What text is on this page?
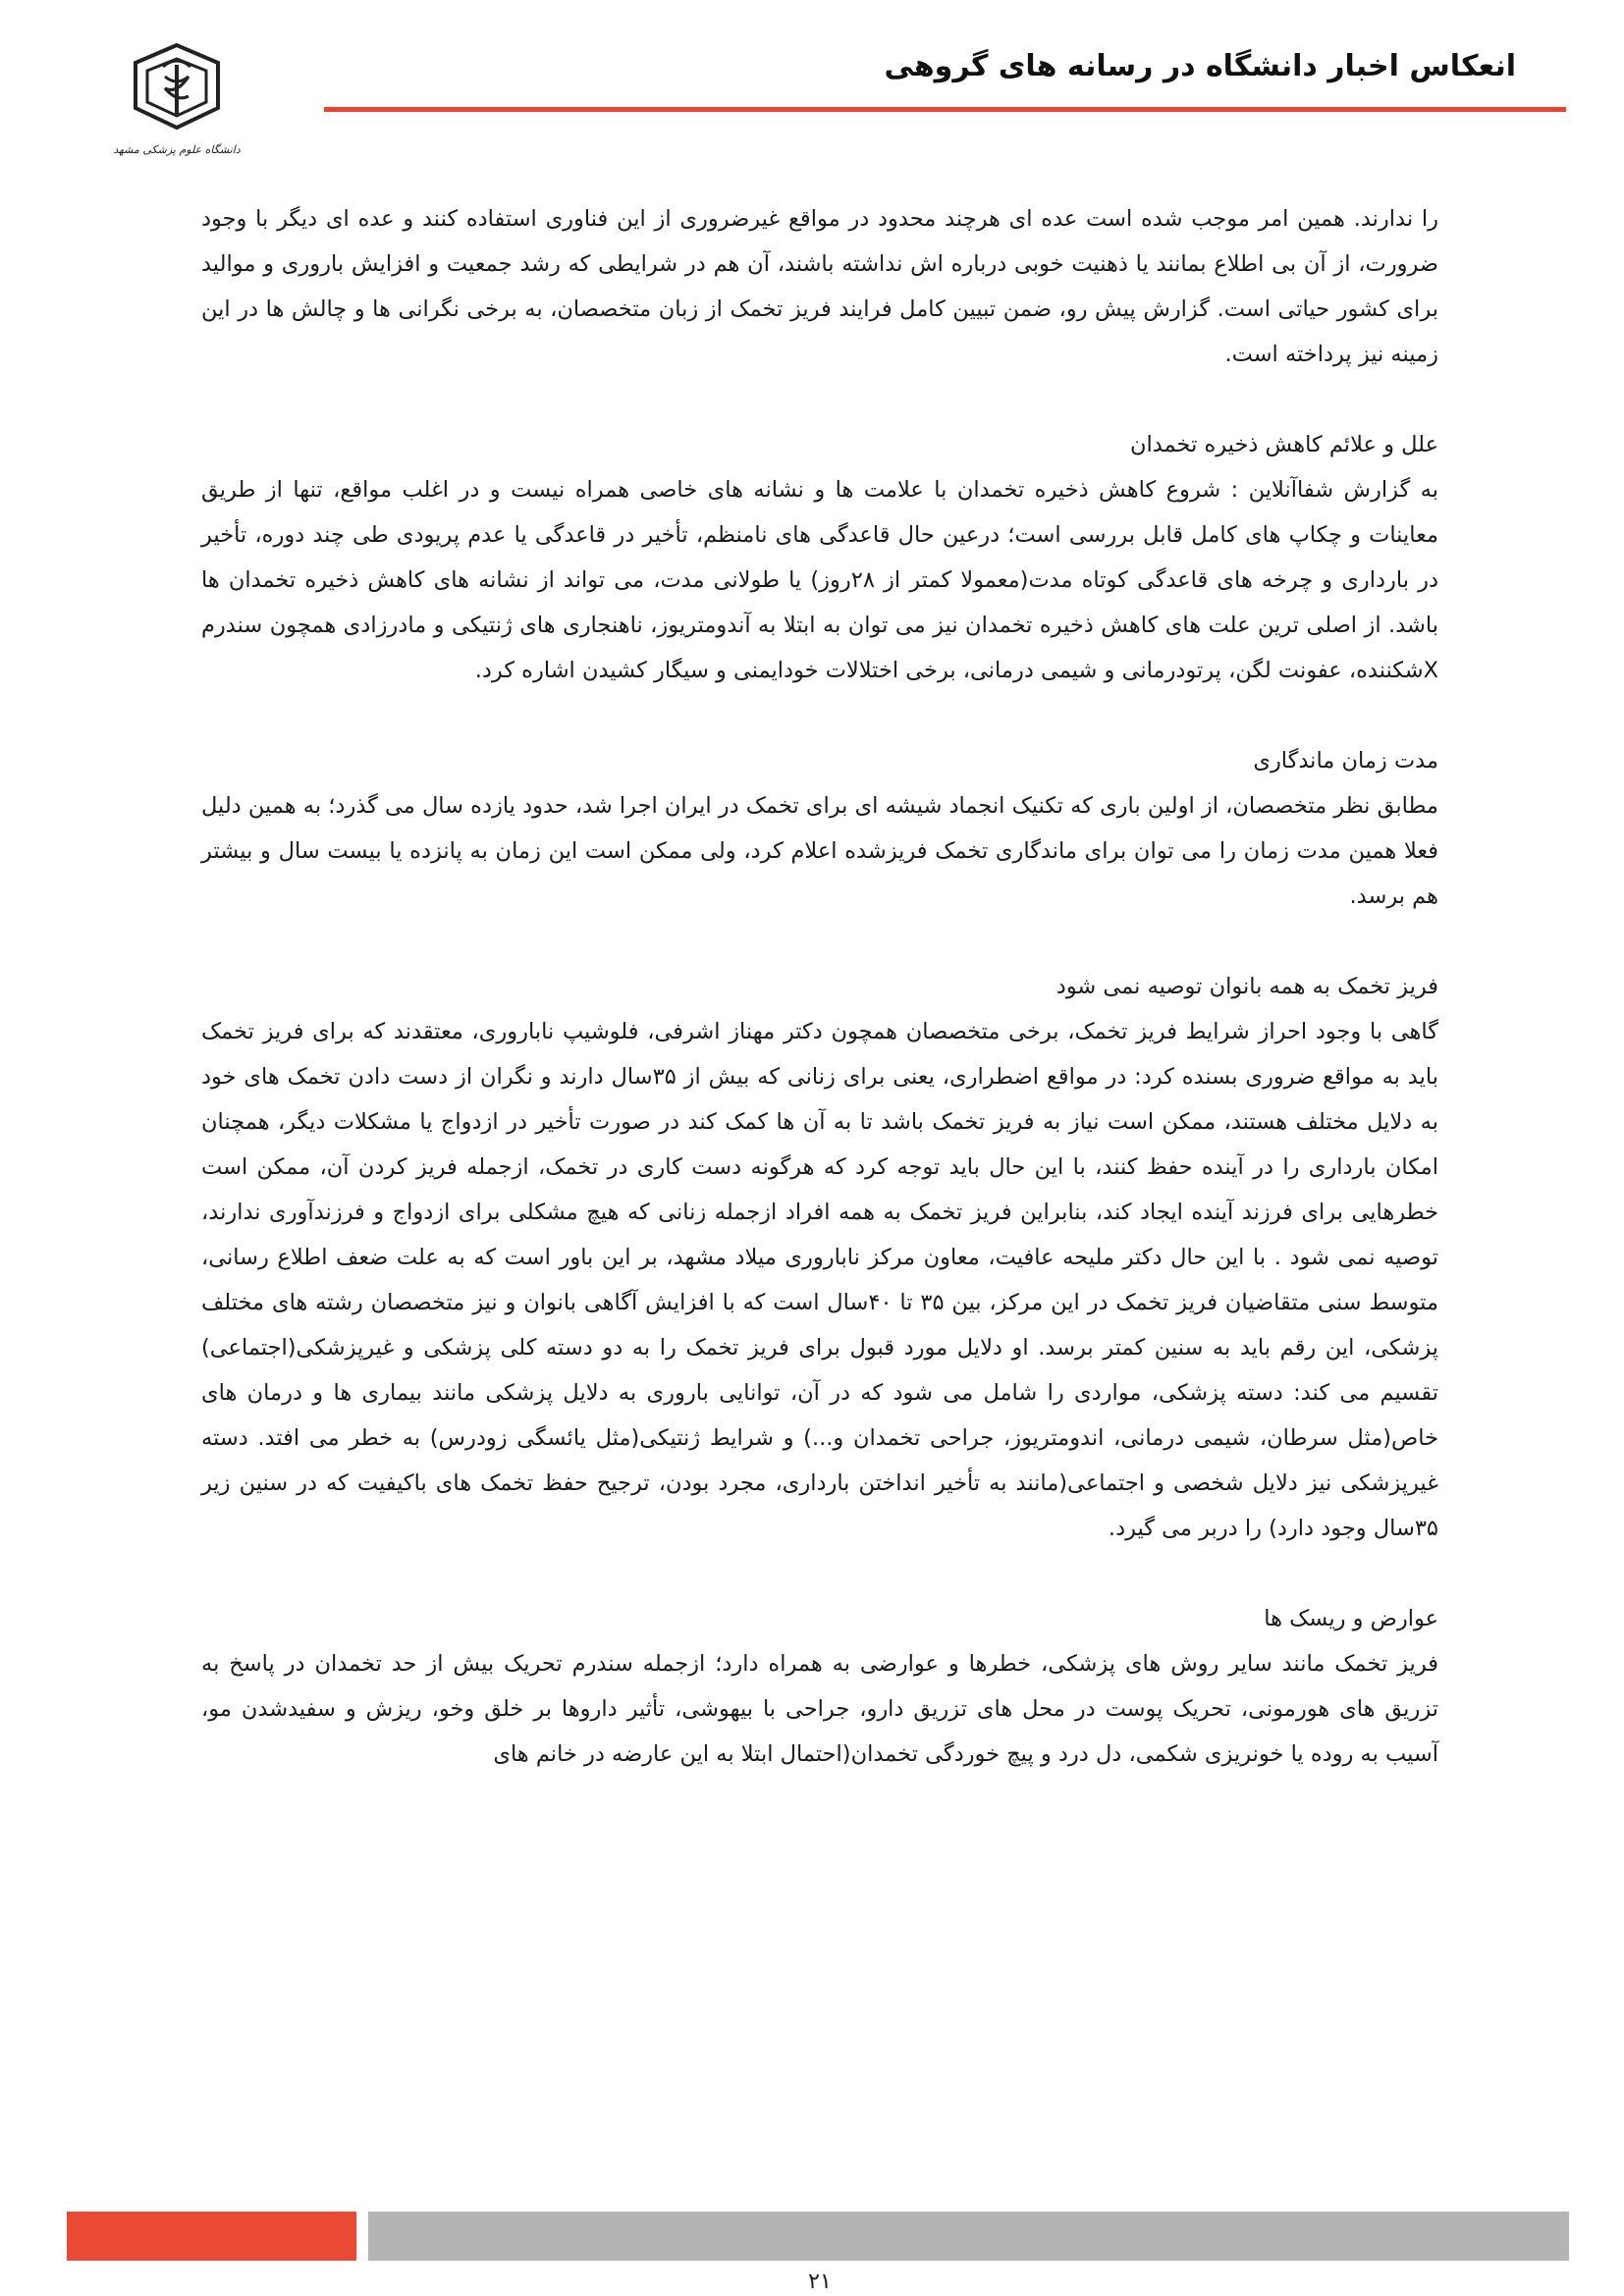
دانشگاه علوم پزشکی مشهد
انعکاس اخبار دانشگاه در رسانه های گروهی

را ندارند. همین امر موجب شده است عده ای هرچند محدود در مواقع غیرضروری از این فناوری استفاده کنند و عده ای دیگر با وجود ضرورت، از آن بی اطلاع بمانند یا ذهنیت خوبی درباره اش نداشته باشند، آن هم در شرایطی که رشد جمعیت و افزایش باروری و موالید برای کشور حیاتی است. گزارش پیش رو، ضمن تبیین کامل فرایند فریز تخمک از زبان متخصصان، به برخی نگرانی ها و چالش ها در این زمینه نیز پرداخته است.

علل و علائم کاهش ذخیره تخمدان
به گزارش شفاآنلاین : شروع کاهش ذخیره تخمدان با علامت ها و نشانه های خاصی همراه نیست و در اغلب مواقع، تنها از طریق معاینات و چکاپ های کامل قابل بررسی است؛ درعین حال قاعدگی های نامنظم، تأخیر در قاعدگی یا عدم پریودی طی چند دوره، تأخیر در بارداری و چرخه های قاعدگی کوتاه مدت(معمولا کمتر از ۲۸روز) یا طولانی مدت، می تواند از نشانه های کاهش ذخیره تخمدان ها باشد. از اصلی ترین علت های کاهش ذخیره تخمدان نیز می توان به ابتلا به آندومتریوز، ناهنجاری های ژنتیکی و مادرزادی همچون سندرم Xشکننده، عفونت لگن، پرتودرمانی و شیمی درمانی، برخی اختلالات خودایمنی و سیگار کشیدن اشاره کرد.

مدت زمان ماندگاری
مطابق نظر متخصصان، از اولین باری که تکنیک انجماد شیشه ای برای تخمک در ایران اجرا شد، حدود یازده سال می گذرد؛ به همین دلیل فعلا همین مدت زمان را می توان برای ماندگاری تخمک فریزشده اعلام کرد، ولی ممکن است این زمان به پانزده یا بیست سال و بیشتر هم برسد.

فریز تخمک به همه بانوان توصیه نمی شود
گاهی با وجود احراز شرایط فریز تخمک، برخی متخصصان همچون دکتر مهناز اشرفی، فلوشیپ ناباروری، معتقدند که برای فریز تخمک باید به مواقع ضروری بسنده کرد: در مواقع اضطراری، یعنی برای زنانی که بیش از ۳۵سال دارند و نگران از دست دادن تخمک های خود به دلایل مختلف هستند، ممکن است نیاز به فریز تخمک باشد تا به آن ها کمک کند در صورت تأخیر در ازدواج یا مشکلات دیگر، همچنان امکان بارداری را در آینده حفظ کنند، با این حال باید توجه کرد که هرگونه دست کاری در تخمک، ازجمله فریز کردن آن، ممکن است خطرهایی برای فرزند آینده ایجاد کند، بنابراین فریز تخمک به همه افراد ازجمله زنانی که هیچ مشکلی برای ازدواج و فرزندآوری ندارند، توصیه نمی شود . با این حال دکتر ملیحه عافیت، معاون مرکز ناباروری میلاد مشهد، بر این باور است که به علت ضعف اطلاع رسانی، متوسط سنی متقاضیان فریز تخمک در این مرکز، بین ۳۵ تا ۴۰سال است که با افزایش آگاهی بانوان و نیز متخصصان رشته های مختلف پزشکی، این رقم باید به سنین کمتر برسد. او دلایل مورد قبول برای فریز تخمک را به دو دسته کلی پزشکی و غیرپزشکی(اجتماعی) تقسیم می کند: دسته پزشکی، مواردی را شامل می شود که در آن، توانایی باروری به دلایل پزشکی مانند بیماری ها و درمان های خاص(مثل سرطان، شیمی درمانی، اندومتریوز، جراحی تخمدان و...) و شرایط ژنتیکی(مثل یائسگی زودرس) به خطر می افتد. دسته غیرپزشکی نیز دلایل شخصی و اجتماعی(مانند به تأخیر انداختن بارداری، مجرد بودن، ترجیح حفظ تخمک های باکیفیت که در سنین زیر ۳۵سال وجود دارد) را دربر می گیرد.

عوارض و ریسک ها
فریز تخمک مانند سایر روش های پزشکی، خطرها و عوارضی به همراه دارد؛ ازجمله سندرم تحریک بیش از حد تخمدان در پاسخ به تزریق های هورمونی، تحریک پوست در محل های تزریق دارو، جراحی با بیهوشی، تأثیر داروها بر خلق وخو، ریزش و سفیدشدن مو، آسیب به روده یا خونریزی شکمی، دل درد و پیچ خوردگی تخمدان(احتمال ابتلا به این عارضه در خانم های

۲۱
